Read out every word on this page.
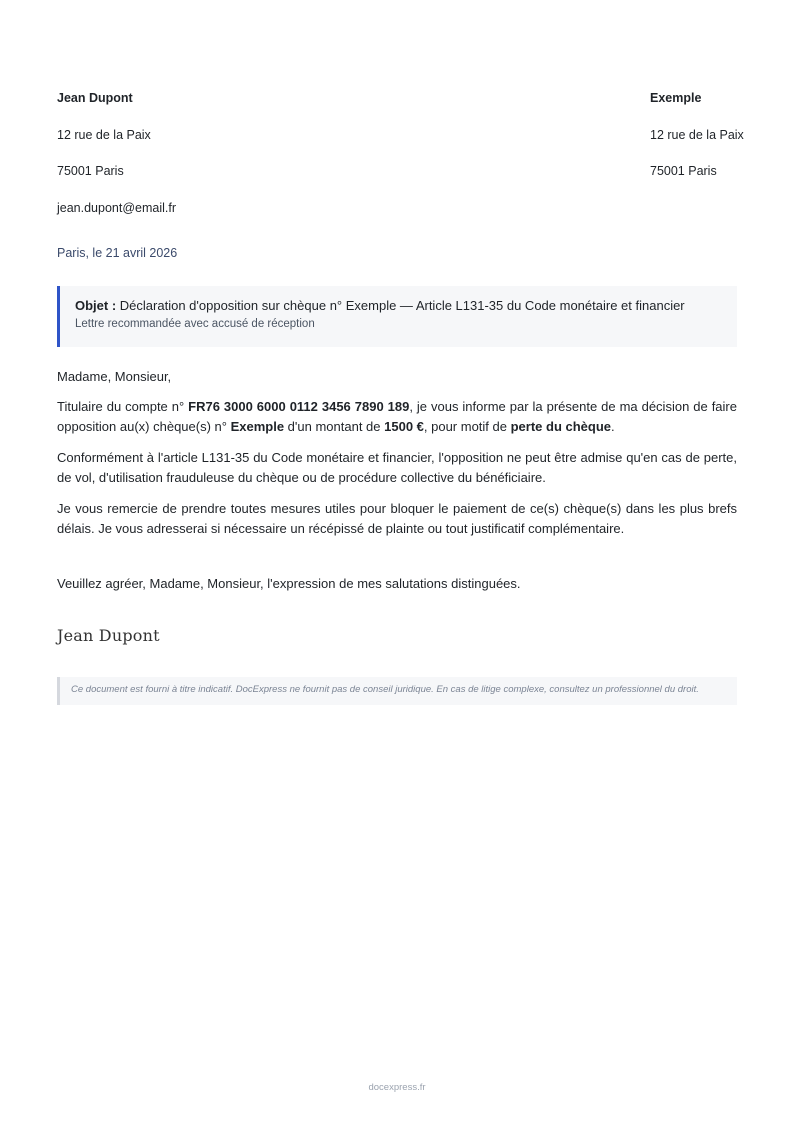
Jean Dupont
12 rue de la Paix
75001 Paris
jean.dupont@email.fr
Exemple
12 rue de la Paix
75001 Paris
Paris, le 21 avril 2026
Objet : Déclaration d'opposition sur chèque n° Exemple — Article L131-35 du Code monétaire et financier
Lettre recommandée avec accusé de réception
Madame, Monsieur,
Titulaire du compte n° FR76 3000 6000 0112 3456 7890 189, je vous informe par la présente de ma décision de faire opposition au(x) chèque(s) n° Exemple d'un montant de 1500 €, pour motif de perte du chèque.
Conformément à l'article L131-35 du Code monétaire et financier, l'opposition ne peut être admise qu'en cas de perte, de vol, d'utilisation frauduleuse du chèque ou de procédure collective du bénéficiaire.
Je vous remercie de prendre toutes mesures utiles pour bloquer le paiement de ce(s) chèque(s) dans les plus brefs délais. Je vous adresserai si nécessaire un récépissé de plainte ou tout justificatif complémentaire.
Veuillez agréer, Madame, Monsieur, l'expression de mes salutations distinguées.
Jean Dupont
Ce document est fourni à titre indicatif. DocExpress ne fournit pas de conseil juridique. En cas de litige complexe, consultez un professionnel du droit.
docexpress.fr
